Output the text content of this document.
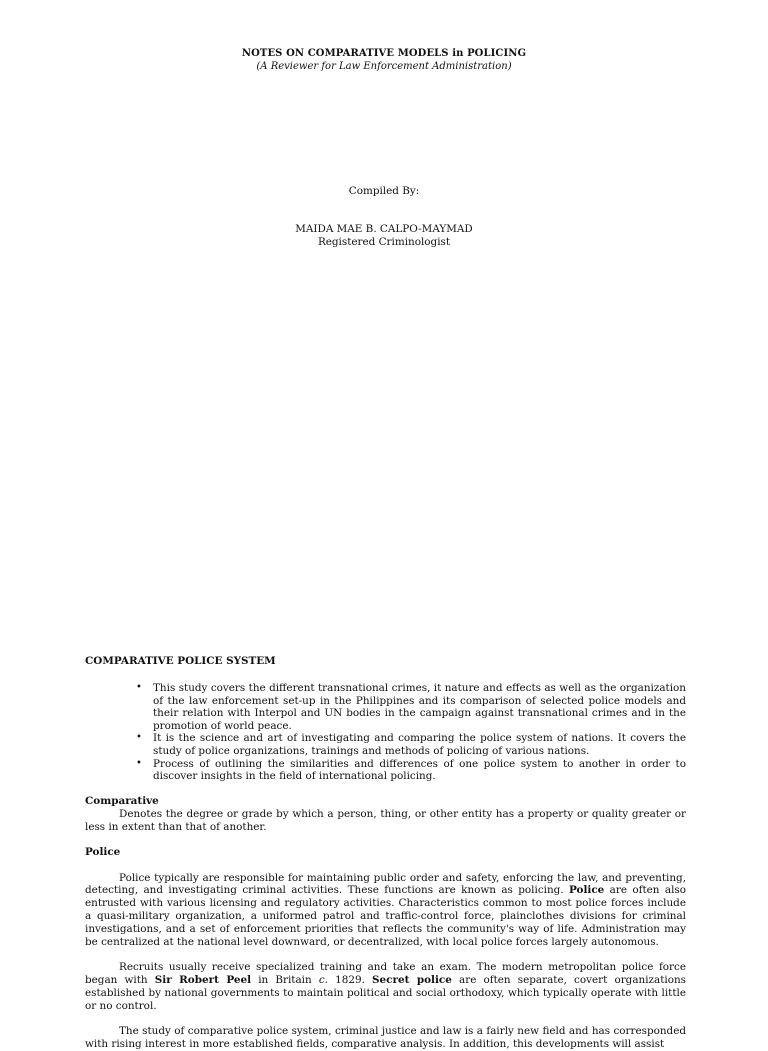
NOTES ON COMPARATIVE MODELS in POLICING
(A Reviewer for Law Enforcement Administration)
Compiled By:
MAIDA MAE B. CALPO-MAYMAD
Registered Criminologist
COMPARATIVE POLICE SYSTEM
• This study covers the different transnational crimes, it nature and effects as well as the organization of the law enforcement set-up in the Philippines and its comparison of selected police models and their relation with Interpol and UN bodies in the campaign against transnational crimes and in the promotion of world peace.
• It is the science and art of investigating and comparing the police system of nations. It covers the study of police organizations, trainings and methods of policing of various nations.
• Process of outlining the similarities and differences of one police system to another in order to discover insights in the field of international policing.

Comparative

Denotes the degree or grade by which a person, thing, or other entity has a property or quality greater or less in extent than that of another.

Police

Police typically are responsible for maintaining public order and safety, enforcing the law, and preventing, detecting, and investigating criminal activities. These functions are known as policing. Police are often also entrusted with various licensing and regulatory activities. Characteristics common to most police forces include a quasi-military organization, a uniformed patrol and traffic-control force, plainclothes divisions for criminal investigations, and a set of enforcement priorities that reflects the community's way of life. Administration may be centralized at the national level downward, or decentralized, with local police forces largely autonomous.

Recruits usually receive specialized training and take an exam. The modern metropolitan police force began with Sir Robert Peel in Britain c. 1829. Secret police are often separate, covert organizations established by national governments to maintain political and social orthodoxy, which typically operate with little or no control.

The study of comparative police system, criminal justice and law is a fairly new field and has corresponded with rising interest in more established fields, comparative analysis. In addition, this developments will assist
